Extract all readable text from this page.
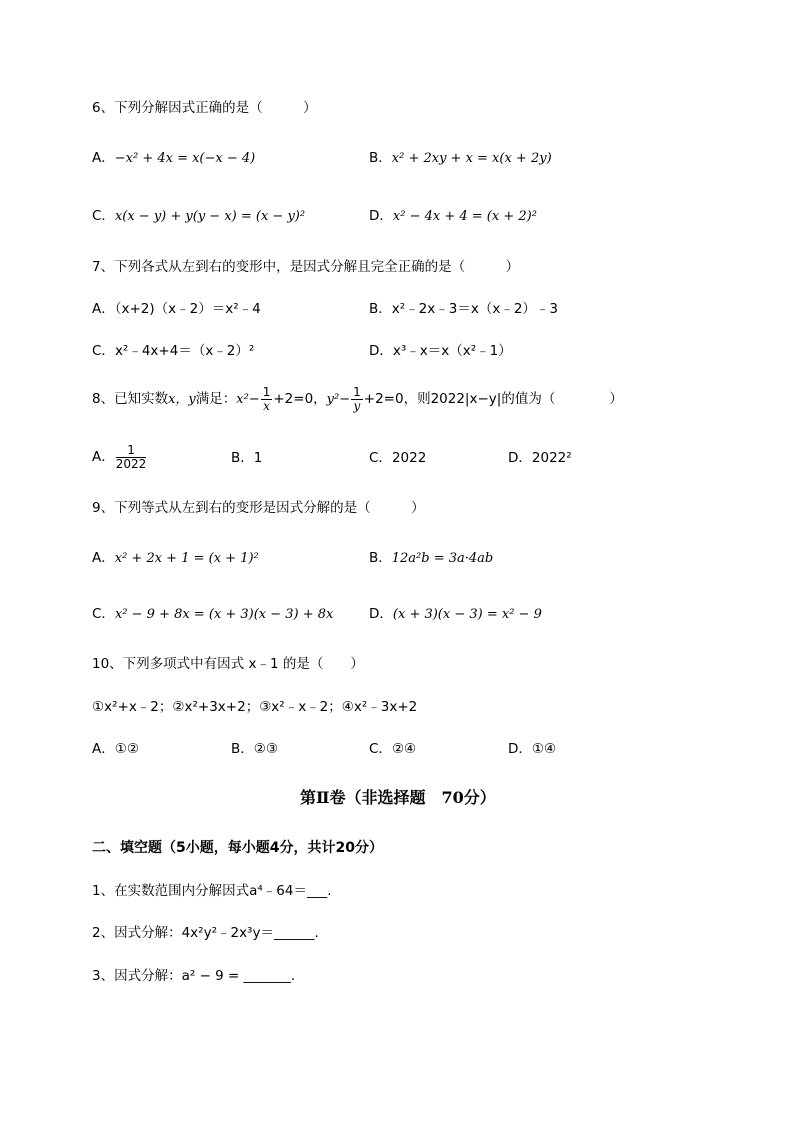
6、下列分解因式正确的是（　　　）
A．−x² + 4x = x(−x − 4)	B．x² + 2xy + x = x(x + 2y)
C．x(x − y) + y(y − x) = (x − y)²	D．x² − 4x + 4 = (x + 2)²
7、下列各式从左到右的变形中，是因式分解且完全正确的是（　　　）
A．（x+2)（x﹣2）＝x²﹣4	B．x²﹣2x﹣3＝x（x﹣2）﹣3
C．x²﹣4x+4＝（x﹣2）²	D．x³﹣x＝x（x²﹣1）
8、已知实数x，y满足：$x^2- \frac{1}{x} +2=0$，$y^2- \frac{1}{y} +2=0$，则2022|x−y|的值为（　　　　）
A． $\frac{1}{2022}$	B．1	C．2022	D．2022²
9、下列等式从左到右的变形是因式分解的是（　　　）
A．x² + 2x + 1 = (x + 1)²	B．12a²b = 3a·4ab
C．x² − 9 + 8x = (x + 3)(x − 3) + 8x	D．(x + 3)(x − 3) = x² − 9
10、下列多项式中有因式 x﹣1 的是（　　）
①x²+x﹣2；②x²+3x+2；③x²﹣x﹣2；④x²﹣3x+2
A．①②	B．②③	C．②④	D．①④
第Ⅱ卷（非选择题　70分）
二、填空题（5小题，每小题4分，共计20分）
1、在实数范围内分解因式a⁴﹣64＝___.
2、因式分解：4x²y²﹣2x³y＝______.
3、因式分解：a² − 9 = _______.
